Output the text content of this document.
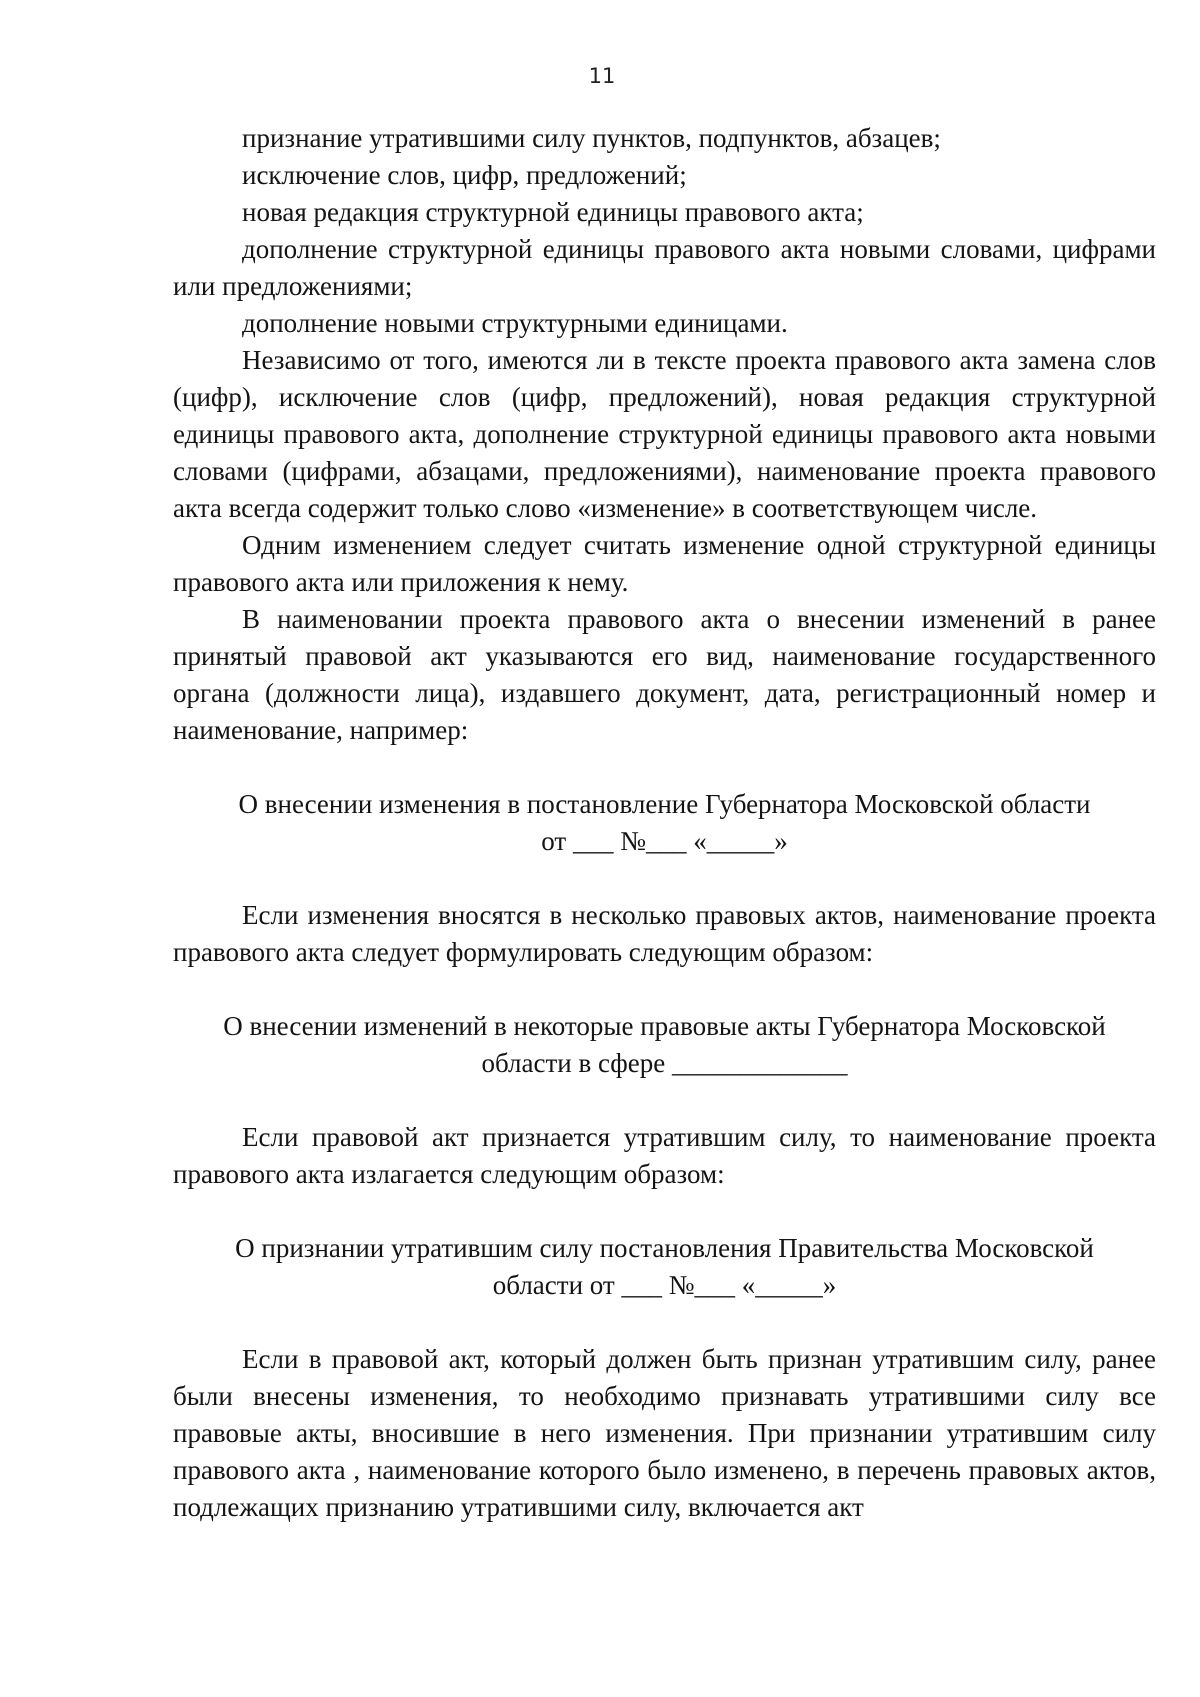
11

признание утратившими силу пунктов, подпунктов, абзацев;

исключение слов, цифр, предложений;

новая редакция структурной единицы правового акта;

дополнение структурной единицы правового акта новыми словами, цифрами или предложениями;

дополнение новыми структурными единицами.

Независимо от того, имеются ли в тексте проекта правового акта замена слов (цифр), исключение слов (цифр, предложений), новая редакция структурной единицы правового акта, дополнение структурной единицы правового акта новыми словами (цифрами, абзацами, предложениями), наименование проекта правового акта всегда содержит только слово «изменение» в соответствующем числе.

Одним изменением следует считать изменение одной структурной единицы правового акта или приложения к нему.

В наименовании проекта правового акта о внесении изменений в ранее принятый правовой акт указываются его вид, наименование государственного органа (должности лица), издавшего документ, дата, регистрационный номер и наименование, например:

О внесении изменения в постановление Губернатора Московской области

от ___ №___ «_____»

Если изменения вносятся в несколько правовых актов, наименование проекта правового акта следует формулировать следующим образом:

О внесении изменений в некоторые правовые акты Губернатора Московской

области в сфере _____________

Если правовой акт признается утратившим силу, то наименование проекта правового акта излагается следующим образом:

О признании утратившим силу постановления Правительства Московской

области от ___ №___ «_____»

Если в правовой акт, который должен быть признан утратившим силу, ранее были внесены изменения, то необходимо признавать утратившими силу все правовые акты, вносившие в него изменения. При признании утратившим силу правового акта , наименование которого было изменено, в перечень правовых актов, подлежащих признанию утратившими силу, включается акт
